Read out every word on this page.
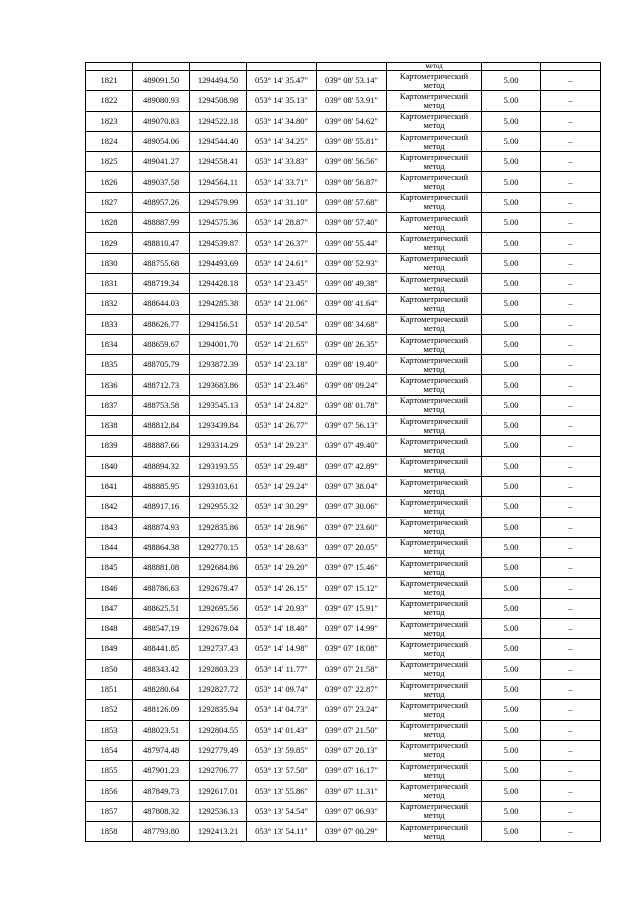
					метод		
1821	489091.50	1294494.50	053° 14' 35.47"	039° 08' 53.14"	Картометрический
метод	5.00	–
1822	489080.93	1294508.98	053° 14' 35.13"	039° 08' 53.91"	Картометрический
метод	5.00	–
1823	489070.83	1294522.18	053° 14' 34.80"	039° 08' 54.62"	Картометрический
метод	5.00	–
1824	489054.06	1294544.40	053° 14' 34.25"	039° 08' 55.81"	Картометрический
метод	5.00	–
1825	489041.27	1294558.41	053° 14' 33.83"	039° 08' 56.56"	Картометрический
метод	5.00	–
1826	489037.58	1294564.11	053° 14' 33.71"	039° 08' 56.87"	Картометрический
метод	5.00	–
1827	488957.26	1294579.99	053° 14' 31.10"	039° 08' 57.68"	Картометрический
метод	5.00	–
1828	488887.99	1294575.36	053° 14' 28.87"	039° 08' 57.40"	Картометрический
метод	5.00	–
1829	488810.47	1294539.87	053° 14' 26.37"	039° 08' 55.44"	Картометрический
метод	5.00	–
1830	488755.68	1294493.69	053° 14' 24.61"	039° 08' 52.93"	Картометрический
метод	5.00	–
1831	488719.34	1294428.18	053° 14' 23.45"	039° 08' 49.38"	Картометрический
метод	5.00	–
1832	488644.03	1294285.38	053° 14' 21.06"	039° 08' 41.64"	Картометрический
метод	5.00	–
1833	488626.77	1294156.51	053° 14' 20.54"	039° 08' 34.68"	Картометрический
метод	5.00	–
1834	488659.67	1294001.70	053° 14' 21.65"	039° 08' 26.35"	Картометрический
метод	5.00	–
1835	488705.79	1293872.39	053° 14' 23.18"	039° 08' 19.40"	Картометрический
метод	5.00	–
1836	488712.73	1293683.86	053° 14' 23.46"	039° 08' 09.24"	Картометрический
метод	5.00	–
1837	488753.58	1293545.13	053° 14' 24.82"	039° 08' 01.78"	Картометрический
метод	5.00	–
1838	488812.84	1293439.84	053° 14' 26.77"	039° 07' 56.13"	Картометрический
метод	5.00	–
1839	488887.66	1293314.29	053° 14' 29.23"	039° 07' 49.40"	Картометрический
метод	5.00	–
1840	488894.32	1293193.55	053° 14' 29.48"	039° 07' 42.89"	Картометрический
метод	5.00	–
1841	488885.95	1293103.61	053° 14' 29.24"	039° 07' 38.04"	Картометрический
метод	5.00	–
1842	488917.16	1292955.32	053° 14' 30.29"	039° 07' 30.06"	Картометрический
метод	5.00	–
1843	488874.93	1292835.86	053° 14' 28.96"	039° 07' 23.60"	Картометрический
метод	5.00	–
1844	488864.38	1292770.15	053° 14' 28.63"	039° 07' 20.05"	Картометрический
метод	5.00	–
1845	488881.08	1292684.86	053° 14' 29.20"	039° 07' 15.46"	Картометрический
метод	5.00	–
1846	488786.63	1292679.47	053° 14' 26.15"	039° 07' 15.12"	Картометрический
метод	5.00	–
1847	488625.51	1292695.56	053° 14' 20.93"	039° 07' 15.91"	Картометрический
метод	5.00	–
1848	488547.19	1292679.04	053° 14' 18.40"	039° 07' 14.99"	Картометрический
метод	5.00	–
1849	488441.85	1292737.43	053° 14' 14.98"	039° 07' 18.08"	Картометрический
метод	5.00	–
1850	488343.42	1292803.23	053° 14' 11.77"	039° 07' 21.58"	Картометрический
метод	5.00	–
1851	488280.64	1292827.72	053° 14' 09.74"	039° 07' 22.87"	Картометрический
метод	5.00	–
1852	488126.09	1292835.94	053° 14' 04.73"	039° 07' 23.24"	Картометрический
метод	5.00	–
1853	488023.51	1292804.55	053° 14' 01.43"	039° 07' 21.50"	Картометрический
метод	5.00	–
1854	487974.48	1292779.49	053° 13' 59.85"	039° 07' 20.13"	Картометрический
метод	5.00	–
1855	487901.23	1292706.77	053° 13' 57.50"	039° 07' 16.17"	Картометрический
метод	5.00	–
1856	487849.73	1292617.01	053° 13' 55.86"	039° 07' 11.31"	Картометрический
метод	5.00	–
1857	487808.32	1292536.13	053° 13' 54.54"	039° 07' 06.93"	Картометрический
метод	5.00	–
1858	487793.80	1292413.21	053° 13' 54.11"	039° 07' 00.29"	Картометрический
метод	5.00	–
